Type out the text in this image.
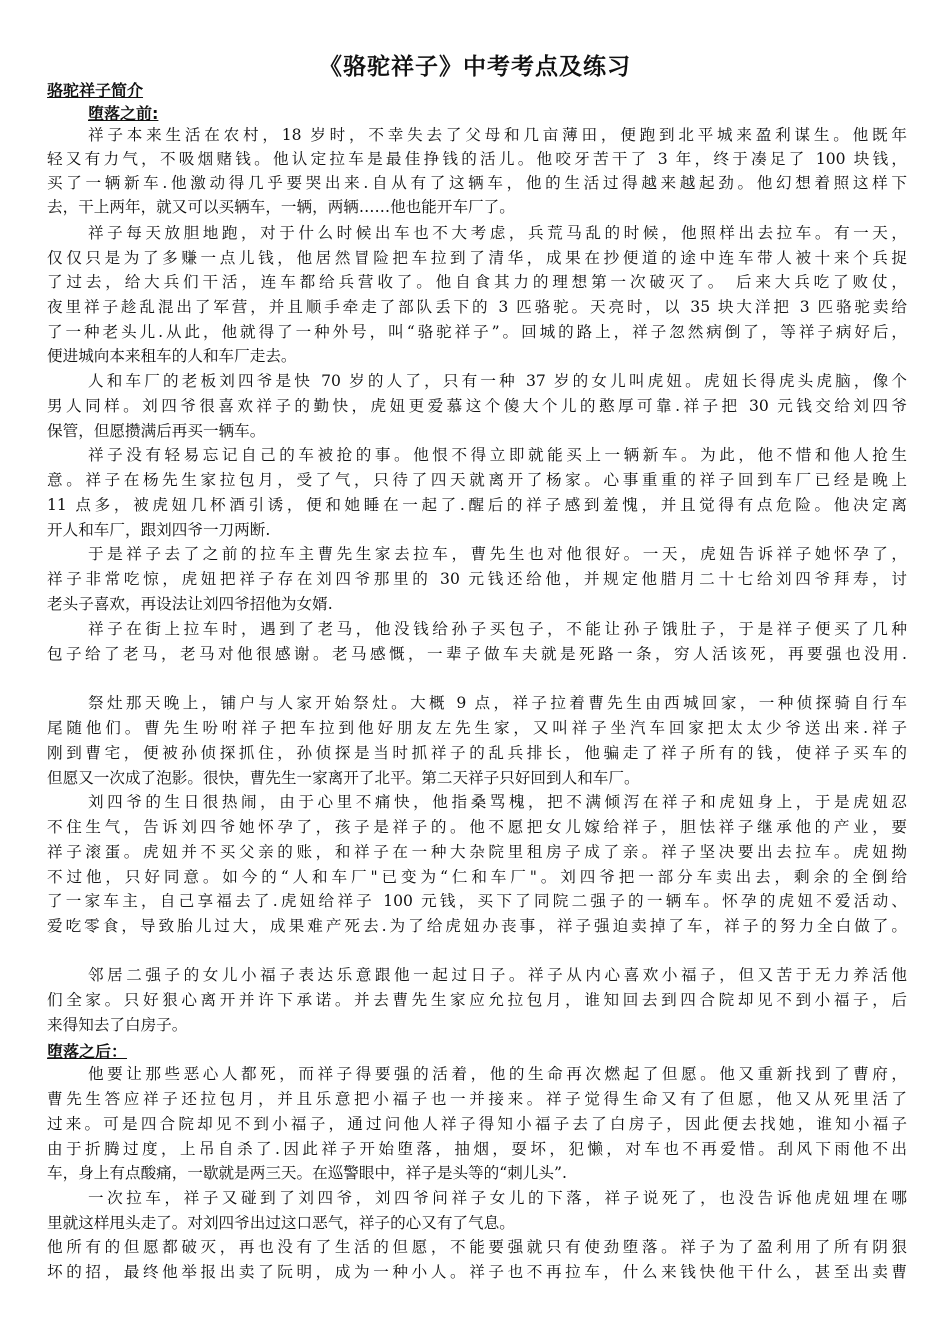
《骆驼祥子》中考考点及练习
骆驼祥子简介
堕落之前:
祥子本来生活在农村，18 岁时，不幸失去了父母和几亩薄田，便跑到北平城来盈利谋生。他既年
轻又有力气，不吸烟赌钱。他认定拉车是最佳挣钱的活儿。他咬牙苦干了 3 年，终于凑足了 100 块钱，
买了一辆新车.他激动得几乎要哭出来.自从有了这辆车，他的生活过得越来越起劲。他幻想着照这样下
去，干上两年，就又可以买辆车，一辆，两辆……他也能开车厂了。
祥子每天放胆地跑，对于什么时候出车也不大考虑，兵荒马乱的时候，他照样出去拉车。有一天，
仅仅只是为了多赚一点儿钱，他居然冒险把车拉到了清华，成果在抄便道的途中连车带人被十来个兵捉
了过去，给大兵们干活，连车都给兵营收了。他自食其力的理想第一次破灭了。 后来大兵吃了败仗，
夜里祥子趁乱混出了军营，并且顺手牵走了部队丢下的 3 匹骆驼。天亮时，以 35 块大洋把 3 匹骆驼卖给
了一种老头儿.从此，他就得了一种外号，叫“骆驼祥子”。回城的路上，祥子忽然病倒了，等祥子病好后，
便进城向本来租车的人和车厂走去。
人和车厂的老板刘四爷是快 70 岁的人了，只有一种 37 岁的女儿叫虎妞。虎妞长得虎头虎脑，像个
男人同样。刘四爷很喜欢祥子的勤快，虎妞更爱慕这个傻大个儿的憨厚可靠.祥子把 30 元钱交给刘四爷
保管，但愿攒满后再买一辆车。
祥子没有轻易忘记自己的车被抢的事。他恨不得立即就能买上一辆新车。为此，他不惜和他人抢生
意。祥子在杨先生家拉包月，受了气，只待了四天就离开了杨家。心事重重的祥子回到车厂已经是晚上
11 点多，被虎妞几杯酒引诱，便和她睡在一起了.醒后的祥子感到羞愧，并且觉得有点危险。他决定离
开人和车厂，跟刘四爷一刀两断.
于是祥子去了之前的拉车主曹先生家去拉车，曹先生也对他很好。一天，虎妞告诉祥子她怀孕了，
祥子非常吃惊，虎妞把祥子存在刘四爷那里的 30 元钱还给他，并规定他腊月二十七给刘四爷拜寿，讨
老头子喜欢，再设法让刘四爷招他为女婿.
祥子在街上拉车时，遇到了老马，他没钱给孙子买包子，不能让孙子饿肚子，于是祥子便买了几种
包子给了老马，老马对他很感谢。老马感慨，一辈子做车夫就是死路一条，穷人活该死，再要强也没用.
祭灶那天晚上，铺户与人家开始祭灶。大概 9 点，祥子拉着曹先生由西城回家，一种侦探骑自行车
尾随他们。曹先生吩咐祥子把车拉到他好朋友左先生家，又叫祥子坐汽车回家把太太少爷送出来.祥子
刚到曹宅，便被孙侦探抓住，孙侦探是当时抓祥子的乱兵排长，他骗走了祥子所有的钱，使祥子买车的
但愿又一次成了泡影。很快，曹先生一家离开了北平。第二天祥子只好回到人和车厂。
刘四爷的生日很热闹，由于心里不痛快，他指桑骂槐，把不满倾泻在祥子和虎妞身上，于是虎妞忍
不住生气，告诉刘四爷她怀孕了，孩子是祥子的。他不愿把女儿嫁给祥子，胆怯祥子继承他的产业，要
祥子滚蛋。虎妞并不买父亲的账，和祥子在一种大杂院里租房子成了亲。祥子坚决要出去拉车。虎妞拗
不过他，只好同意。如今的“人和车厂"已变为“仁和车厂"。刘四爷把一部分车卖出去，剩余的全倒给
了一家车主，自己享福去了.虎妞给祥子 100 元钱，买下了同院二强子的一辆车。怀孕的虎妞不爱活动、
爱吃零食，导致胎儿过大，成果难产死去.为了给虎妞办丧事，祥子强迫卖掉了车，祥子的努力全白做了。
邻居二强子的女儿小福子表达乐意跟他一起过日子。祥子从内心喜欢小福子，但又苦于无力养活他
们全家。只好狠心离开并许下承诺。并去曹先生家应允拉包月，谁知回去到四合院却见不到小福子，后
来得知去了白房子。
堕落之后：
他要让那些恶心人都死，而祥子得要强的活着，他的生命再次燃起了但愿。他又重新找到了曹府，
曹先生答应祥子还拉包月，并且乐意把小福子也一并接来。祥子觉得生命又有了但愿，他又从死里活了
过来。可是四合院却见不到小福子，通过问他人祥子得知小福子去了白房子，因此便去找她，谁知小福子
由于折腾过度，上吊自杀了.因此祥子开始堕落，抽烟，耍坏，犯懒，对车也不再爱惜。刮风下雨他不出
车，身上有点酸痛，一歇就是两三天。在巡警眼中，祥子是头等的“刺儿头”.
一次拉车，祥子又碰到了刘四爷，刘四爷问祥子女儿的下落，祥子说死了，也没告诉他虎妞埋在哪
里就这样甩头走了。对刘四爷出过这口恶气，祥子的心又有了气息。
他所有的但愿都破灭，再也没有了生活的但愿，不能要强就只有使劲堕落。祥子为了盈利用了所有阴狠
坏的招，最终他举报出卖了阮明，成为一种小人。祥子也不再拉车，什么来钱快他干什么，甚至出卖曹
